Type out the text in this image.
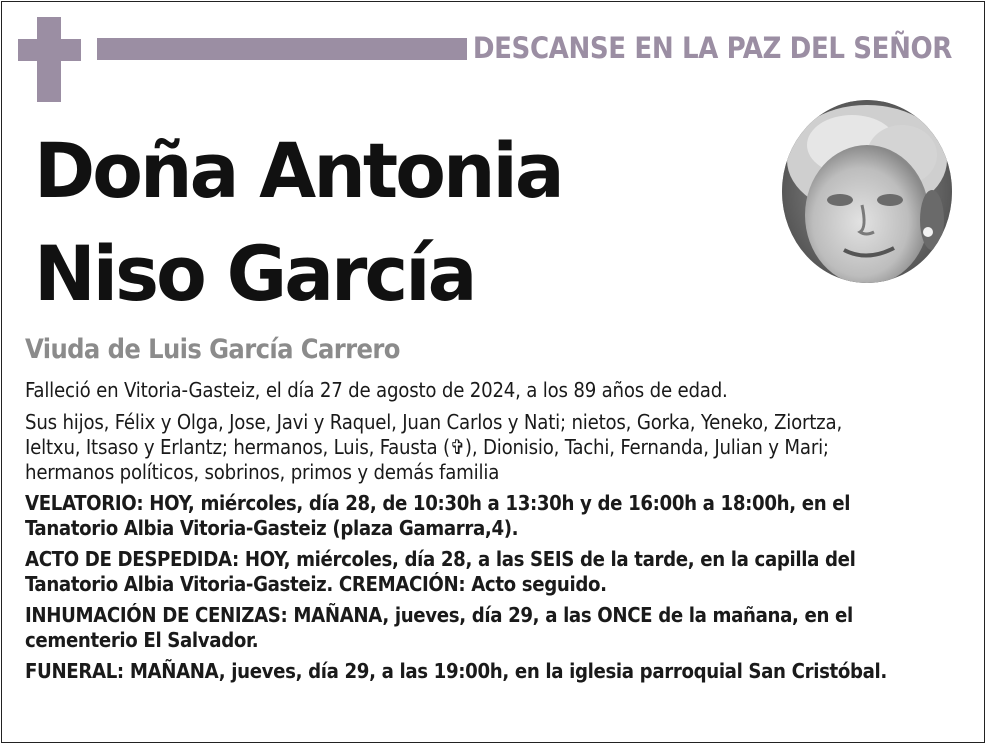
DESCANSE EN LA PAZ DEL SEÑOR
Doña Antonia
Niso García
Viuda de Luis García Carrero

Falleció en Vitoria-Gasteiz, el día 27 de agosto de 2024, a los 89 años de edad.

Sus hijos, Félix y Olga, Jose, Javi y Raquel, Juan Carlos y Nati; nietos, Gorka, Yeneko, Ziortza,
Ieltxu, Itsaso y Erlantz; hermanos, Luis, Fausta (✞), Dionisio, Tachi, Fernanda, Julian y Mari;
hermanos políticos, sobrinos, primos y demás familia

VELATORIO: HOY, miércoles, día 28, de 10:30h a 13:30h y de 16:00h a 18:00h, en el
Tanatorio Albia Vitoria-Gasteiz (plaza Gamarra,4).

ACTO DE DESPEDIDA: HOY, miércoles, día 28, a las SEIS de la tarde, en la capilla del
Tanatorio Albia Vitoria-Gasteiz. CREMACIÓN: Acto seguido.

INHUMACIÓN DE CENIZAS: MAÑANA, jueves, día 29, a las ONCE de la mañana, en el
cementerio El Salvador.

FUNERAL: MAÑANA, jueves, día 29, a las 19:00h, en la iglesia parroquial San Cristóbal.
